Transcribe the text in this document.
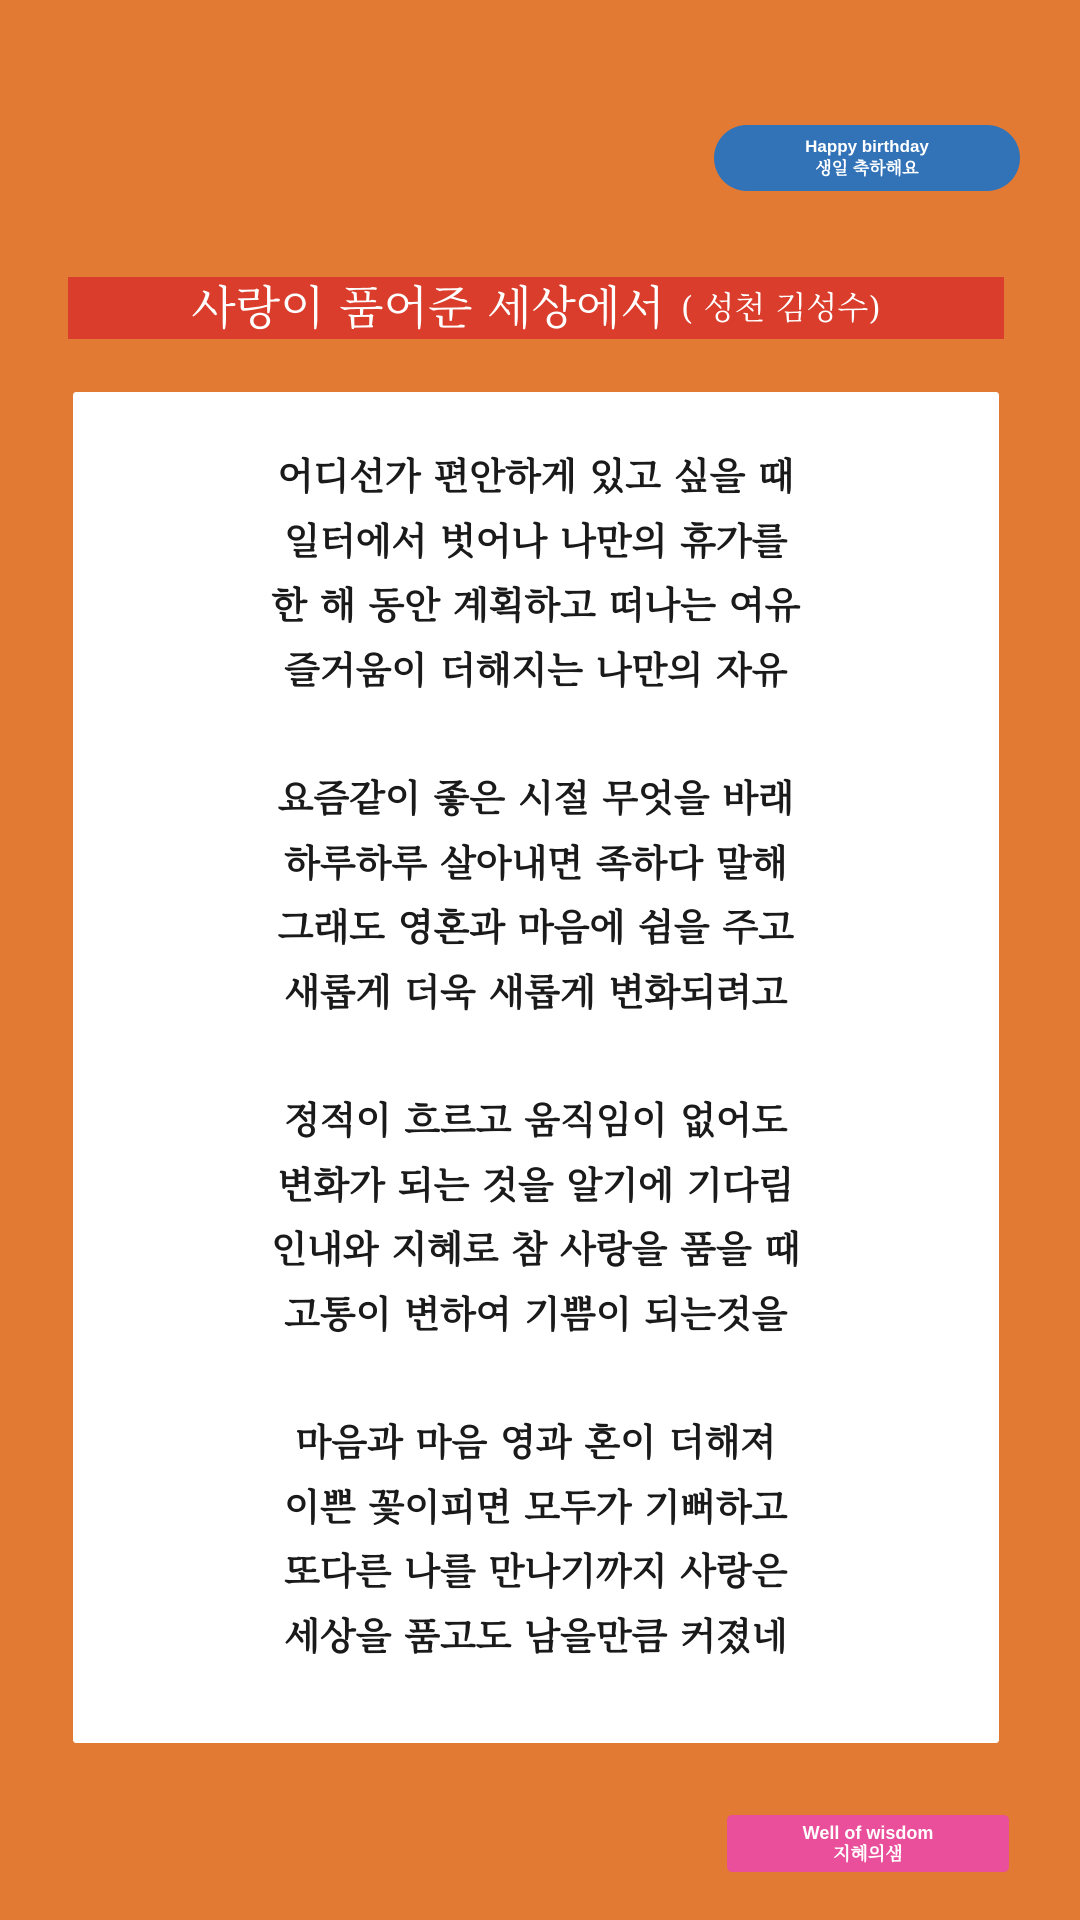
Happy birthday
생일 축하해요
사랑이 품어준 세상에서 ( 성천 김성수)
어디선가 편안하게 있고 싶을 때
일터에서 벗어나 나만의 휴가를
한 해 동안 계획하고 떠나는 여유
즐거움이 더해지는 나만의 자유
요즘같이 좋은 시절 무엇을 바래
하루하루 살아내면 족하다 말해
그래도 영혼과 마음에 쉼을 주고
새롭게 더욱 새롭게 변화되려고
정적이 흐르고 움직임이 없어도
변화가 되는 것을 알기에 기다림
인내와 지혜로 참 사랑을 품을 때
고통이 변하여 기쁨이 되는것을
마음과 마음 영과 혼이 더해져
이쁜 꽃이피면 모두가 기뻐하고
또다른 나를 만나기까지 사랑은
세상을 품고도 남을만큼 커졌네
Well of wisdom
지혜의샘
